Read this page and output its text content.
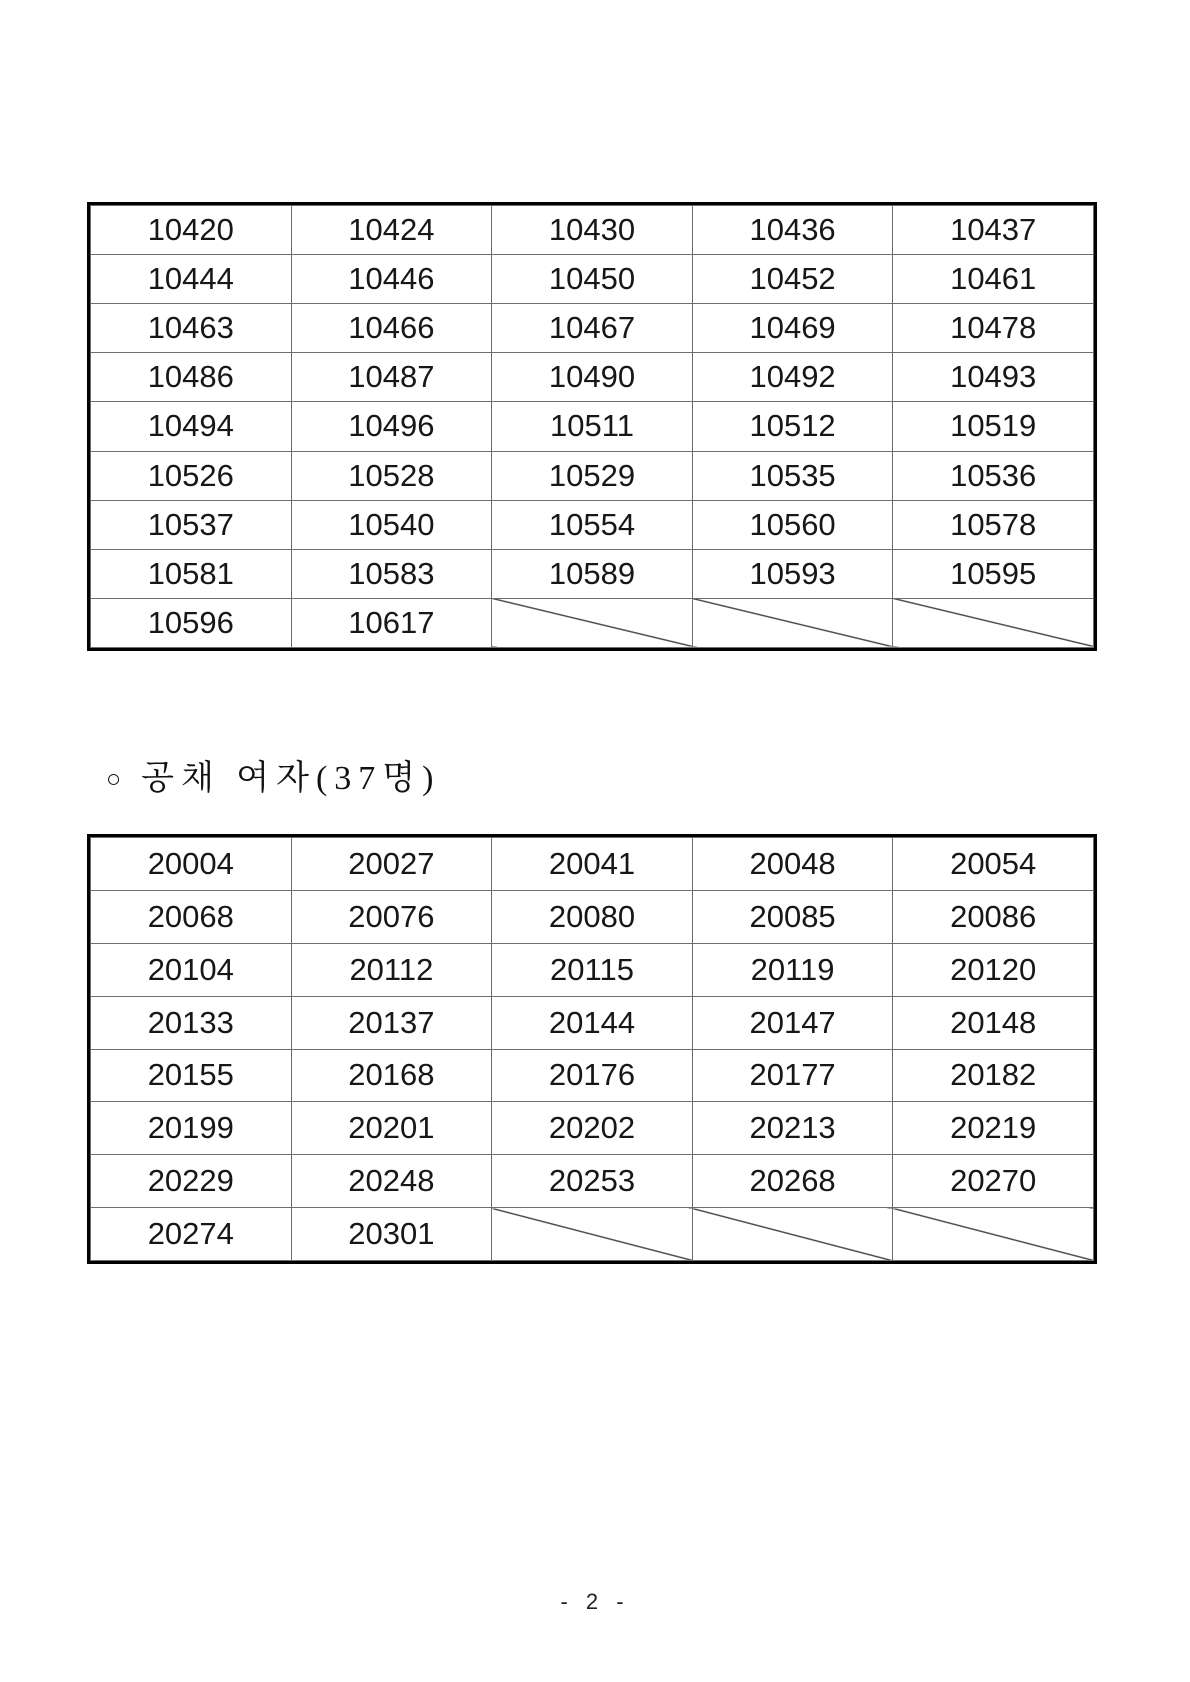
10420	10424	10430	10436	10437
10444	10446	10450	10452	10461
10463	10466	10467	10469	10478
10486	10487	10490	10492	10493
10494	10496	10511	10512	10519
10526	10528	10529	10535	10536
10537	10540	10554	10560	10578
10581	10583	10589	10593	10595
10596	10617			
○ 공채 여자(37명)
20004	20027	20041	20048	20054
20068	20076	20080	20085	20086
20104	20112	20115	20119	20120
20133	20137	20144	20147	20148
20155	20168	20176	20177	20182
20199	20201	20202	20213	20219
20229	20248	20253	20268	20270
20274	20301			
- 2 -
